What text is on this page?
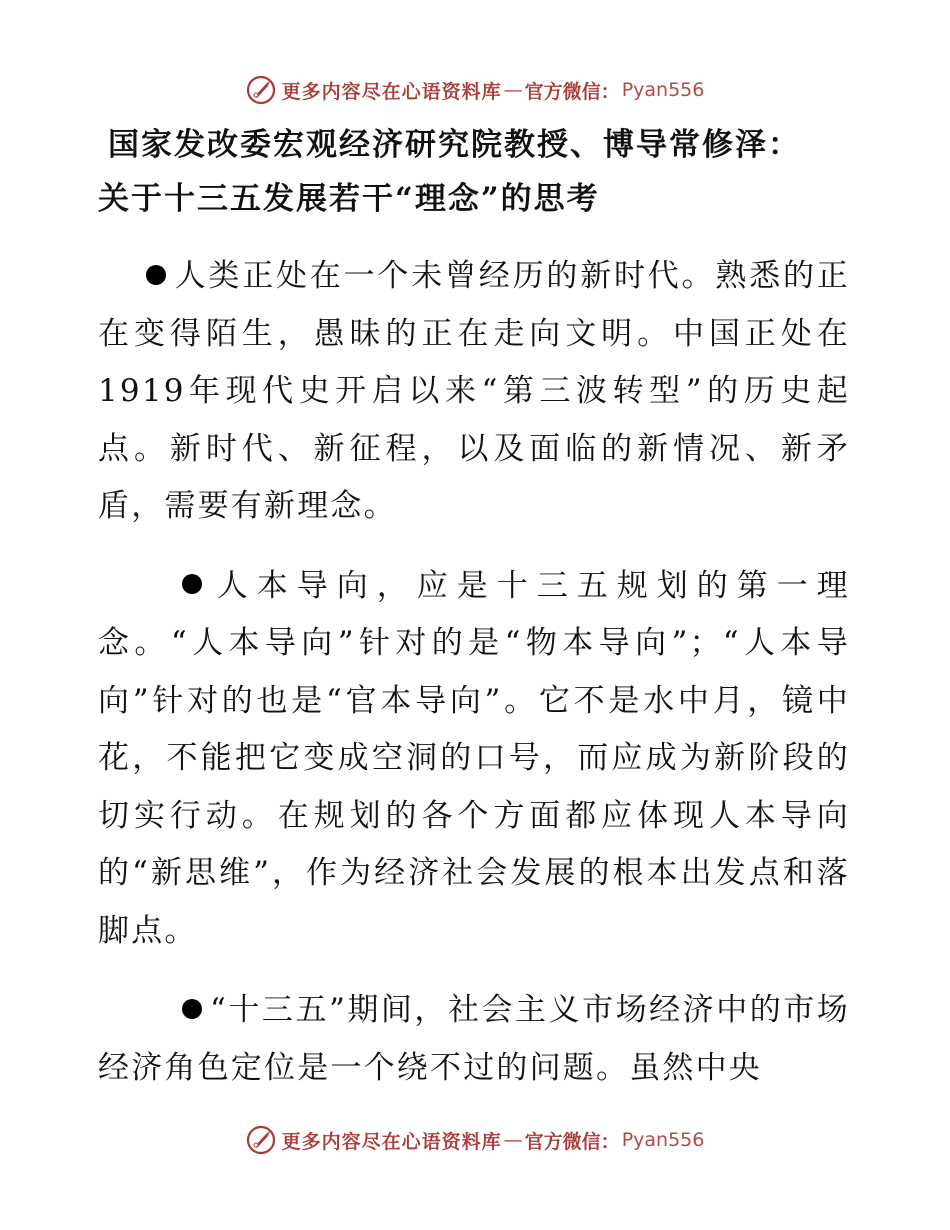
更多内容尽在心语资料库 — 官方微信： Pyan556
国家发改委宏观经济研究院教授、博导常修泽：
关于十三五发展若干“理念”的思考

人类正处在一个未曾经历的新时代。熟悉的正在变得陌生，愚昧的正在走向文明。中国正处在1919年现代史开启以来“第三波转型”的历史起点。新时代、新征程，以及面临的新情况、新矛盾，需要有新理念。

人本导向，应是十三五规划的第一理念。“人本导向”针对的是“物本导向”；“人本导向”针对的也是“官本导向”。它不是水中月，镜中花，不能把它变成空洞的口号，而应成为新阶段的切实行动。在规划的各个方面都应体现人本导向的“新思维”，作为经济社会发展的根本出发点和落脚点。

“十三五”期间，社会主义市场经济中的市场经济角色定位是一个绕不过的问题。虽然中央

更多内容尽在心语资料库 — 官方微信： Pyan556
